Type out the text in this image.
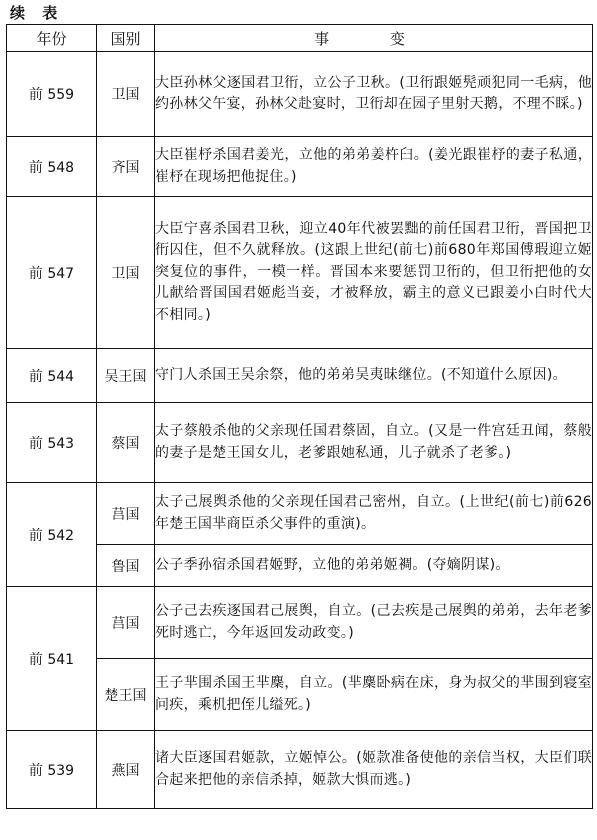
续 表
年份	国别	事 变
前 559	卫国	大臣孙林父逐国君卫衎，立公子卫秋。(卫衎跟姬髡顽犯同一毛病，他约孙林父午宴，孙林父赴宴时，卫衎却在园子里射天鹅，不理不睬。)
前 548	齐国	大臣崔杼杀国君姜光，立他的弟弟姜杵臼。(姜光跟崔杼的妻子私通，崔杼在现场把他捉住。)
前 547	卫国	大臣宁喜杀国君卫秋，迎立40年代被罢黜的前任国君卫衎，晋国把卫衎囚住，但不久就释放。(这跟上世纪(前七)前680年郑国傅瑕迎立姬突复位的事件，一模一样。晋国本来要惩罚卫衎的，但卫衎把他的女儿献给晋国国君姬彪当妾，才被释放，霸主的意义已跟姜小白时代大不相同。)
前 544	吴王国	守门人杀国王吴余祭，他的弟弟吴夷昧继位。(不知道什么原因)。
前 543	蔡国	太子蔡般杀他的父亲现任国君蔡固，自立。(又是一件宫廷丑闻，蔡般的妻子是楚王国女儿，老爹跟她私通，儿子就杀了老爹。)
前 542	莒国	太子己展舆杀他的父亲现任国君己密州，自立。(上世纪(前七)前626年楚王国芈商臣杀父事件的重演)。
	鲁国	公子季孙宿杀国君姬野，立他的弟弟姬裯。(夺嫡阴谋)。
前 541	莒国	公子己去疾逐国君己展舆，自立。(己去疾是己展舆的弟弟，去年老爹死时逃亡，今年返回发动政变。)
	楚王国	王子芈围杀国王芈麇，自立。(芈麇卧病在床，身为叔父的芈围到寝室问疾，乘机把侄儿缢死。)
前 539	燕国	诸大臣逐国君姬款，立姬悼公。(姬款准备使他的亲信当权，大臣们联合起来把他的亲信杀掉，姬款大惧而逃。)
